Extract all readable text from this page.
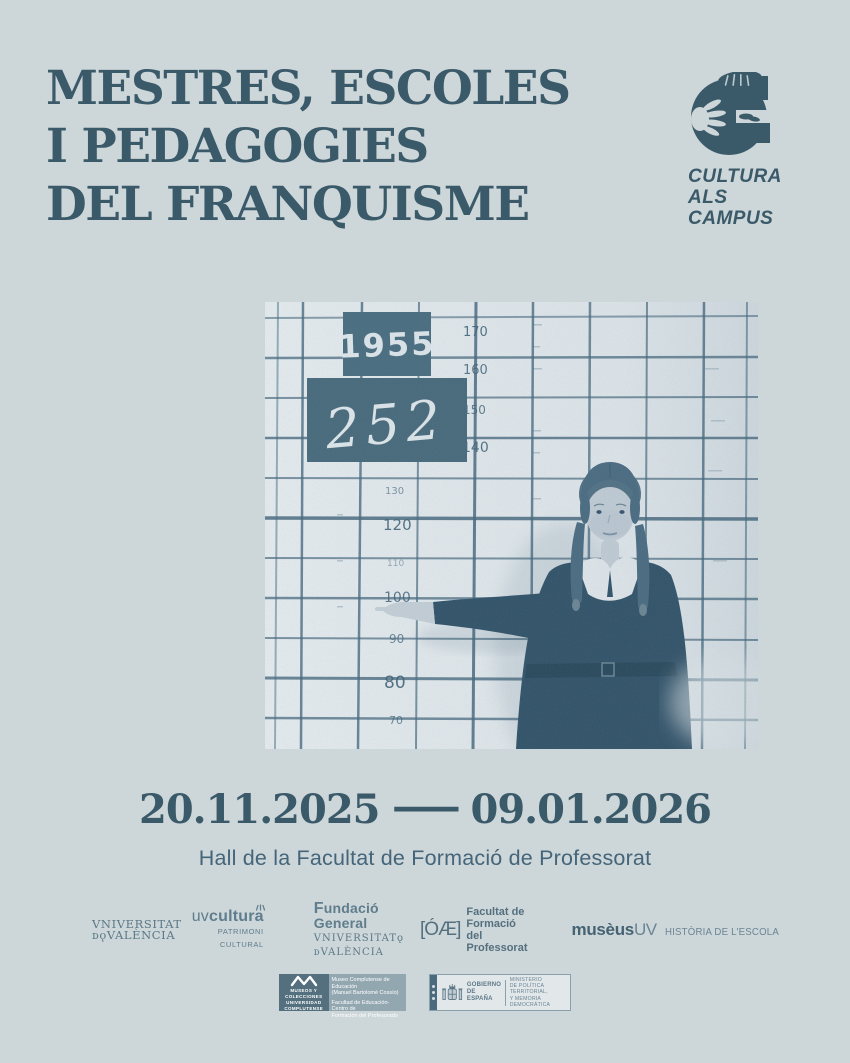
MESTRES, ESCOLES
I PEDAGOGIES
DEL FRANQUISME
CULTURA
ALS
CAMPUS
20.11.2025 — 09.01.2026
Hall de la Facultat de Formació de Professorat
VNIVERSITAT
ᴅǫVALÈNCIA
uvcultura
PATRIMONI CULTURAL
Fundació General
VNIVERSITATǫ ᴅVALÈNCIA
[ÓÆ]
Facultat de Formació
del Professorat
musèus UV HISTÒRIA DE L'ESCOLA
MUSEOS Y
COLECCIONES
UNIVERSIDAD
COMPLUTENSE
Museo Complutense de Educación
(Manuel Bartolomé Cossío)
Facultad de Educación- Centro de
Formación del Profesorado
GOBIERNO
DE ESPAÑA
MINISTERIO
DE POLÍTICA TERRITORIAL,
Y MEMORIA DEMOCRÁTICA
